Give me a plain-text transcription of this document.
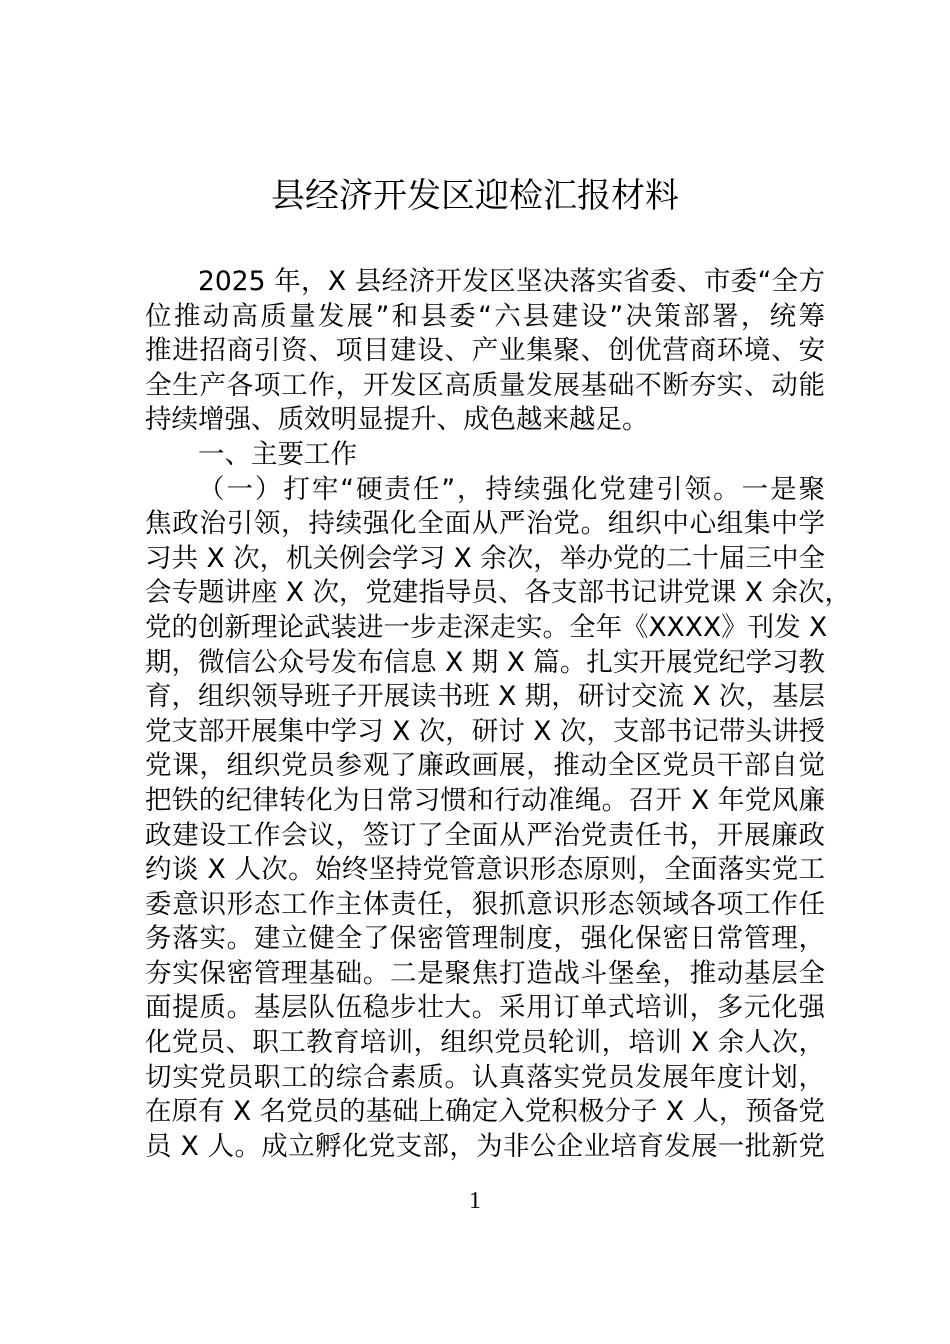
县经济开发区迎检汇报材料
2025 年，X 县经济开发区坚决落实省委、市委“全方
位推动高质量发展”和县委“六县建设”决策部署，统筹
推进招商引资、项目建设、产业集聚、创优营商环境、安
全生产各项工作，开发区高质量发展基础不断夯实、动能
持续增强、质效明显提升、成色越来越足。
一、主要工作
（一）打牢“硬责任”，持续强化党建引领。一是聚
焦政治引领，持续强化全面从严治党。组织中心组集中学
习共 X 次，机关例会学习 X 余次，举办党的二十届三中全
会专题讲座 X 次，党建指导员、各支部书记讲党课 X 余次，
党的创新理论武装进一步走深走实。全年《XXXX》刊发 X
期，微信公众号发布信息 X 期 X 篇。扎实开展党纪学习教
育，组织领导班子开展读书班 X 期，研讨交流 X 次，基层
党支部开展集中学习 X 次，研讨 X 次，支部书记带头讲授
党课，组织党员参观了廉政画展，推动全区党员干部自觉
把铁的纪律转化为日常习惯和行动准绳。召开 X 年党风廉
政建设工作会议，签订了全面从严治党责任书，开展廉政
约谈 X 人次。始终坚持党管意识形态原则，全面落实党工
委意识形态工作主体责任，狠抓意识形态领域各项工作任
务落实。建立健全了保密管理制度，强化保密日常管理，
夯实保密管理基础。二是聚焦打造战斗堡垒，推动基层全
面提质。基层队伍稳步壮大。采用订单式培训，多元化强
化党员、职工教育培训，组织党员轮训，培训 X 余人次，
切实党员职工的综合素质。认真落实党员发展年度计划，
在原有 X 名党员的基础上确定入党积极分子 X 人，预备党
员 X 人。成立孵化党支部，为非公企业培育发展一批新党
1
